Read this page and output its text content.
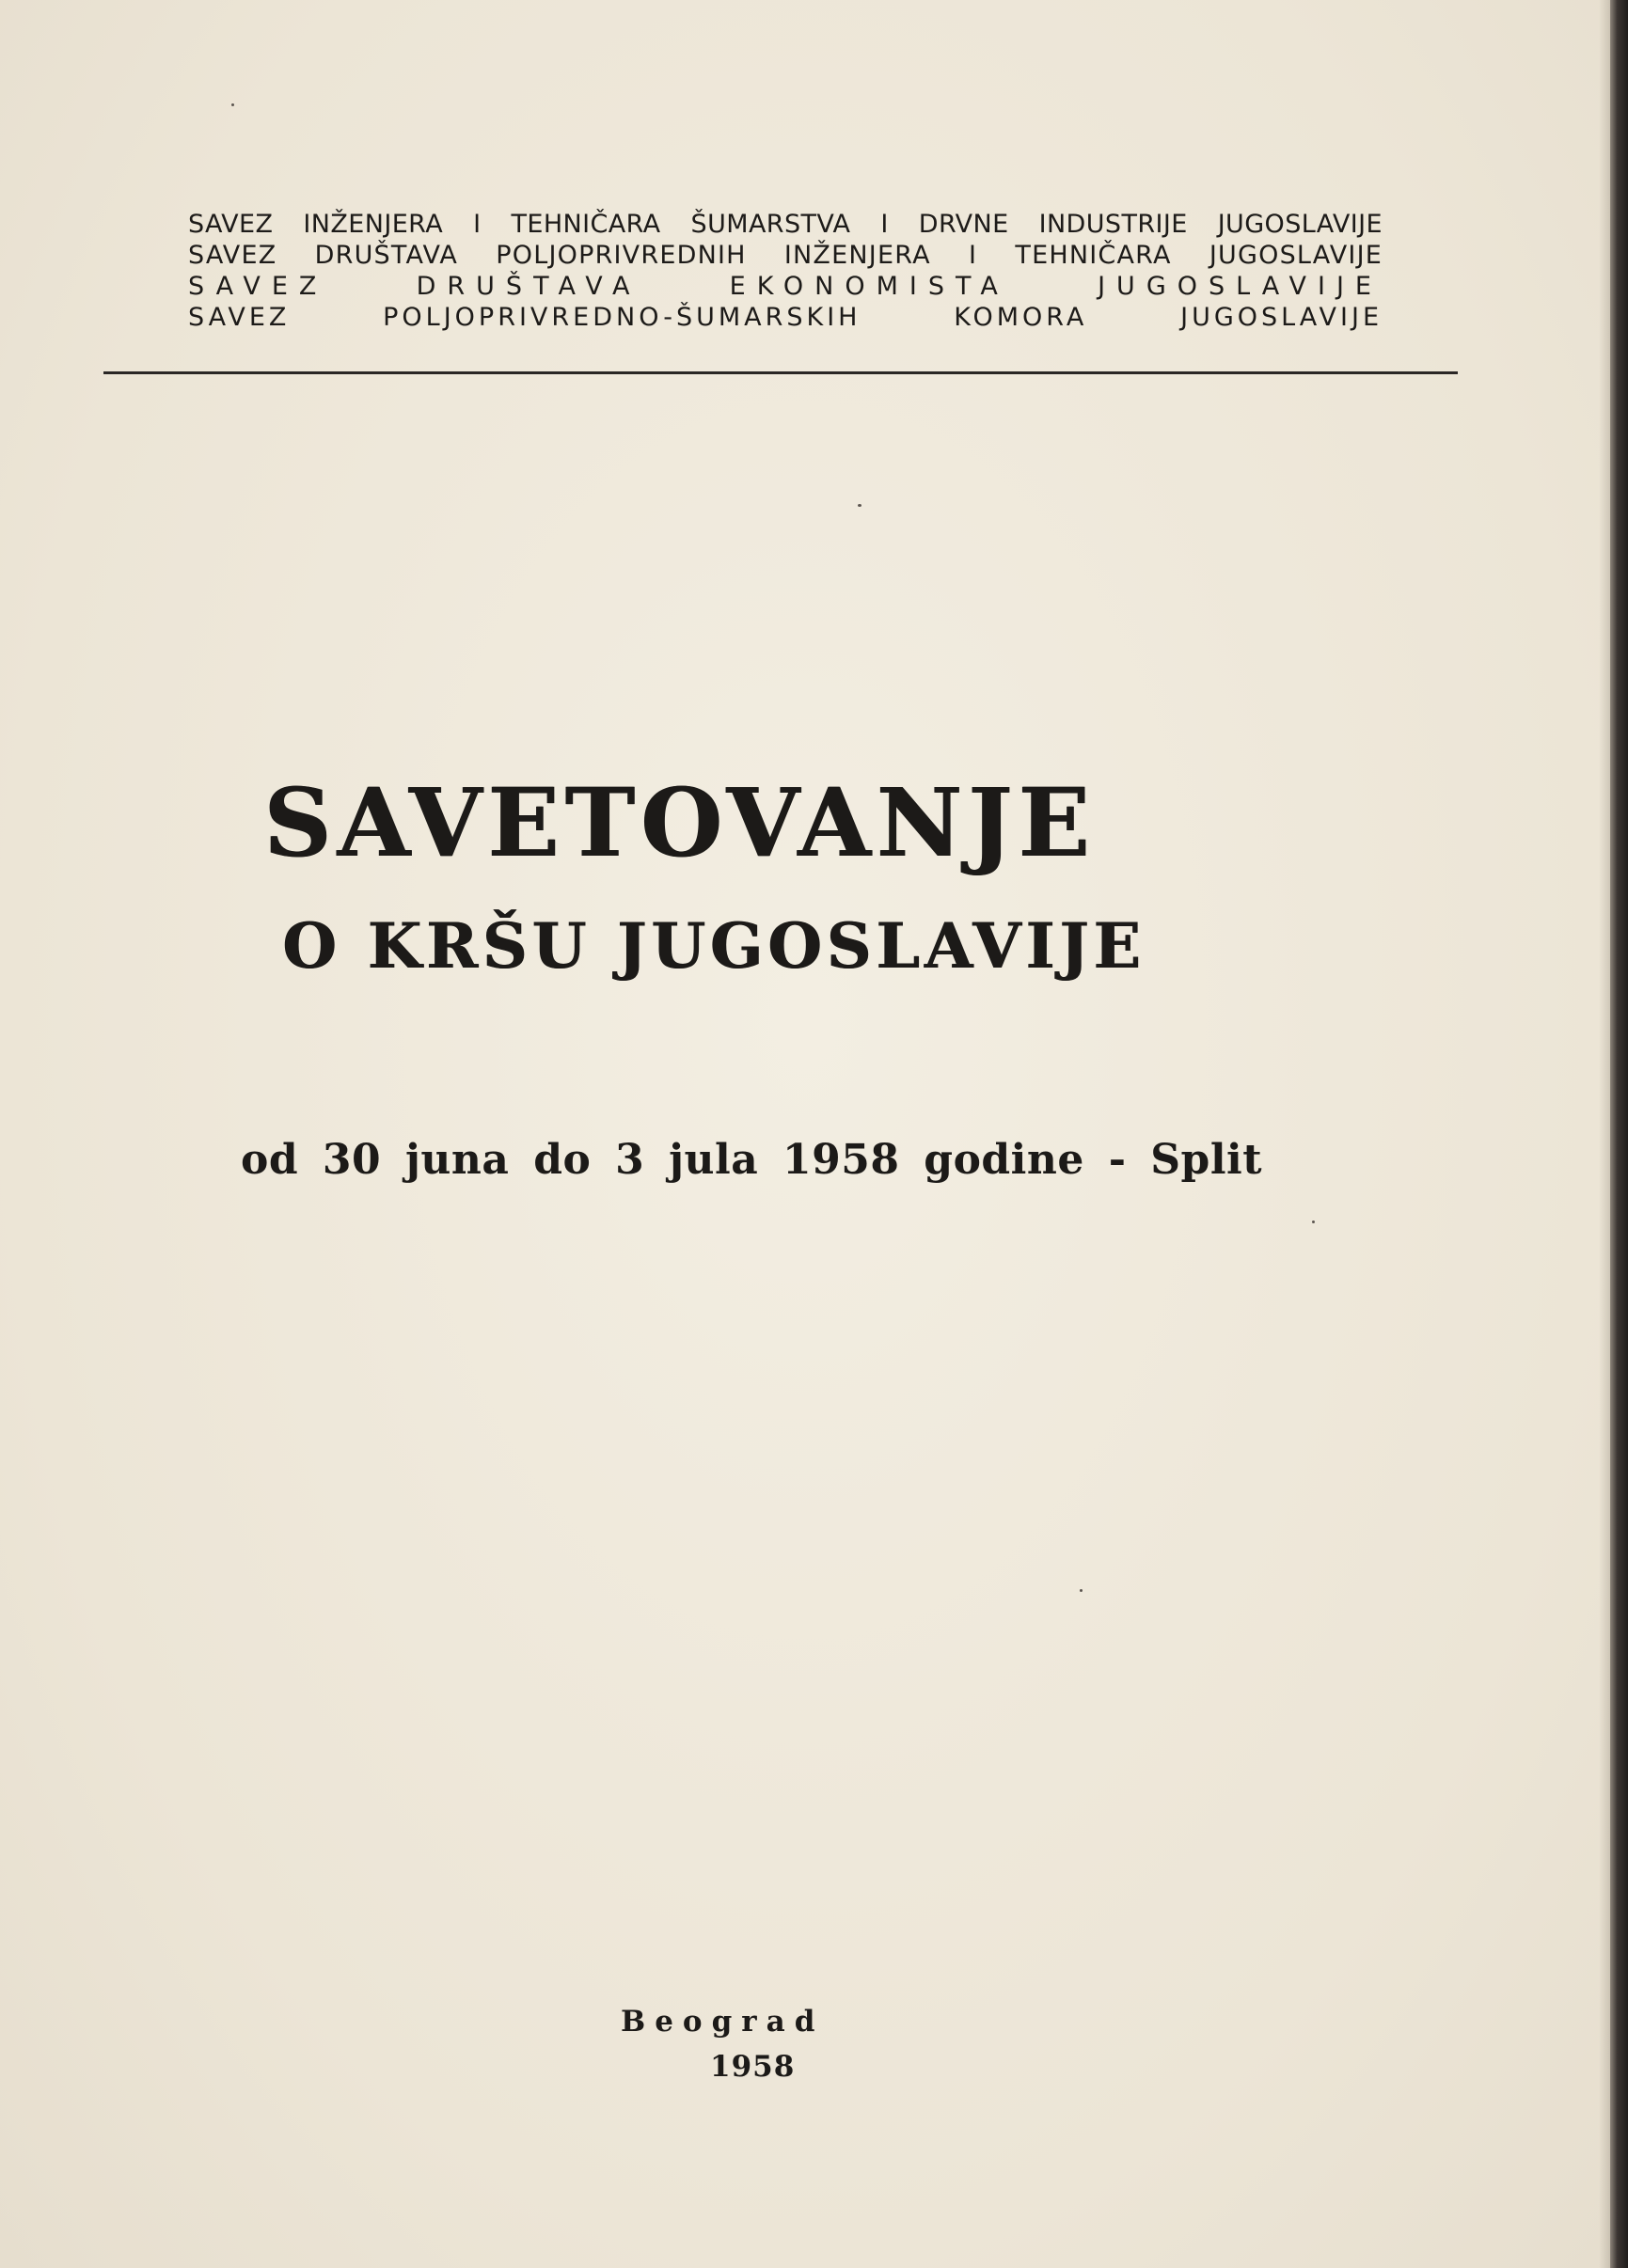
SAVEZ INŽENJERA I TEHNIČARA ŠUMARSTVA I DRVNE INDUSTRIJE JUGOSLAVIJE
SAVEZ DRUŠTAVA POLJOPRIVREDNIH INŽENJERA I TEHNIČARA JUGOSLAVIJE
SAVEZ DRUŠTAVA EKONOMISTA JUGOSLAVIJE
SAVEZ POLJOPRIVREDNO-ŠUMARSKIH KOMORA JUGOSLAVIJE
SAVETOVANJE
O KRŠU JUGOSLAVIJE
od 30 juna do 3 jula 1958 godine - Split
Beograd
1958
